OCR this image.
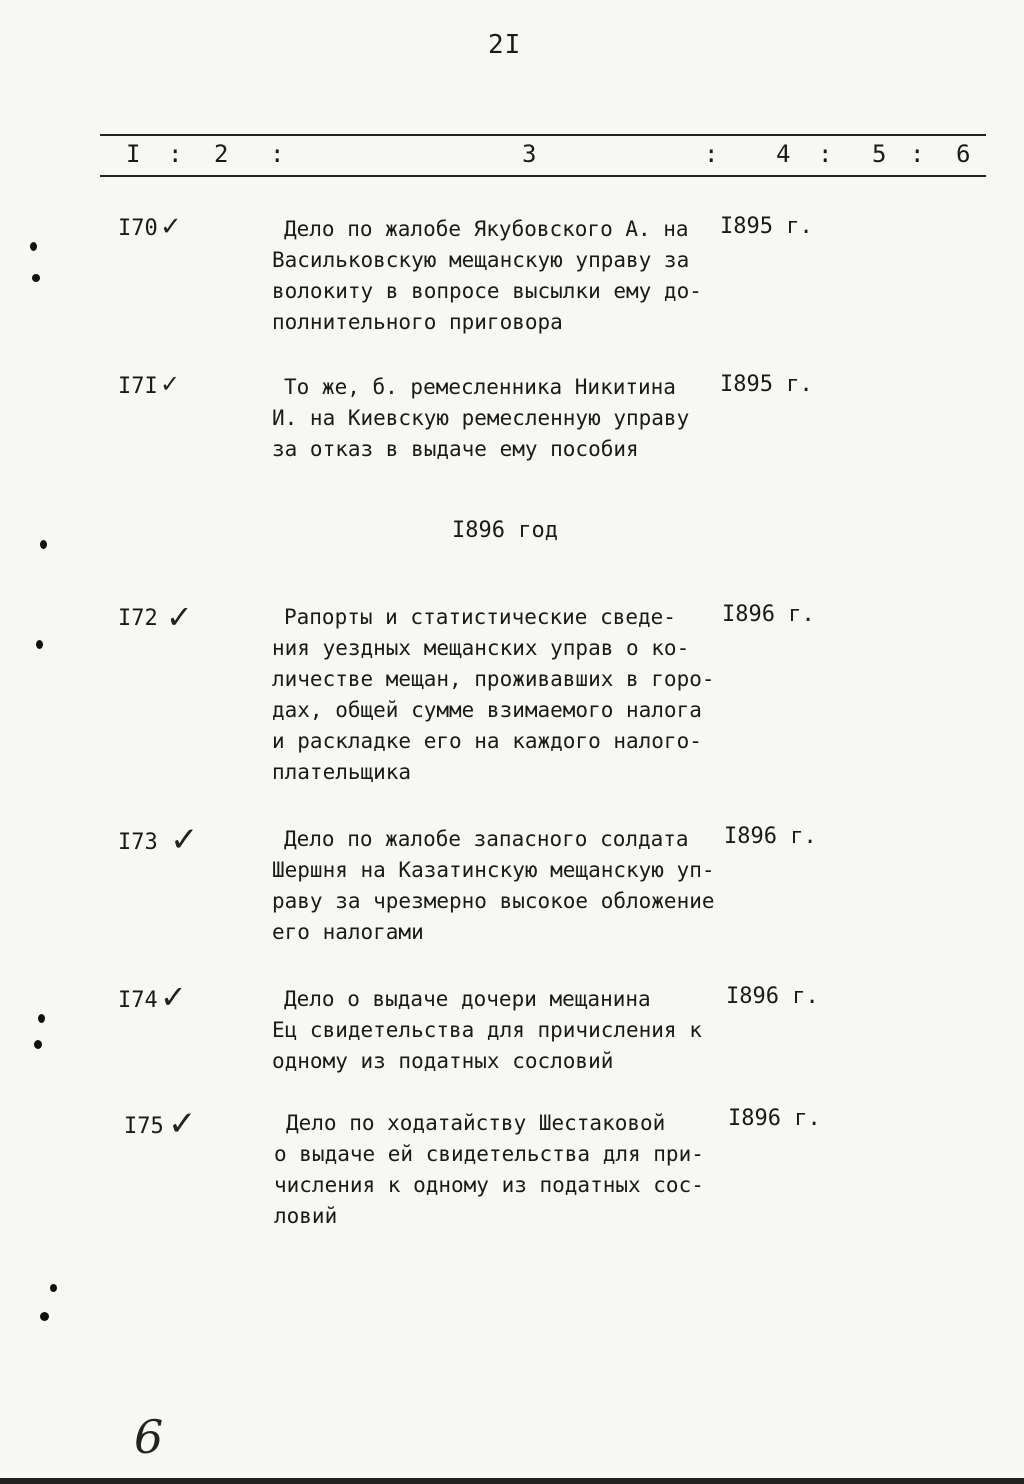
2I
I : 2 :	3	: 4 : 5 : 6
I70 ✓	Дело по жалобе Якубовского А. на
Васильковскую мещанскую управу за
волокиту в вопросе высылки ему до-
полнительного приговора
I895 г.
I7I ✓	То же, б. ремесленника Никитина
И. на Киевскую ремесленную управу
за отказ в выдаче ему пособия
I895 г.
I896 год
I72 ✓	Рапорты и статистические сведе-
ния уездных мещанских управ о ко-
личестве мещан, проживавших в горо-
дах, общей сумме взимаемого налога
и раскладке его на каждого налого-
плательщика
I896 г.
I73 ✓	Дело по жалобе запасного солдата
Шершня на Казатинскую мещанскую уп-
раву за чрезмерно высокое обложение
его налогами
I896 г.
I74 ✓	Дело о выдаче дочери мещанина
Ец свидетельства для причисления к
одному из податных сословий
I896 г.
I75 ✓	Дело по ходатайству Шестаковой
о выдаче ей свидетельства для при-
числения к одному из податных сос-
ловий
I896 г.
6
